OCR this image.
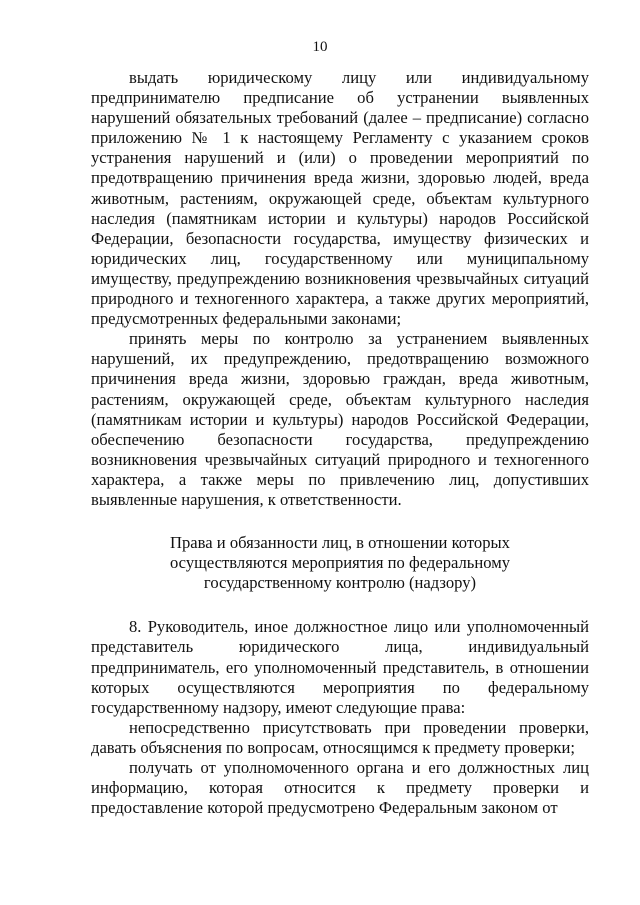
10

выдать юридическому лицу или индивидуальному предпринимателю предписание об устранении выявленных нарушений обязательных требований (далее – предписание) согласно приложению № 1 к настоящему Регламенту с указанием сроков устранения нарушений и (или) о проведении мероприятий по предотвращению причинения вреда жизни, здоровью людей, вреда животным, растениям, окружающей среде, объектам культурного наследия (памятникам истории и культуры) народов Российской Федерации, безопасности государства, имуществу физических и юридических лиц, государственному или муниципальному имуществу, предупреждению возникновения чрезвычайных ситуаций природного и техногенного характера, а также других мероприятий, предусмотренных федеральными законами;

принять меры по контролю за устранением выявленных нарушений, их предупреждению, предотвращению возможного причинения вреда жизни, здоровью граждан, вреда животным, растениям, окружающей среде, объектам культурного наследия (памятникам истории и культуры) народов Российской Федерации, обеспечению безопасности государства, предупреждению возникновения чрезвычайных ситуаций природного и техногенного характера, а также меры по привлечению лиц, допустивших выявленные нарушения, к ответственности.

Права и обязанности лиц, в отношении которых осуществляются мероприятия по федеральному государственному контролю (надзору)

8. Руководитель, иное должностное лицо или уполномоченный представитель юридического лица, индивидуальный предприниматель, его уполномоченный представитель, в отношении которых осуществляются мероприятия по федеральному государственному надзору, имеют следующие права:

непосредственно присутствовать при проведении проверки, давать объяснения по вопросам, относящимся к предмету проверки;

получать от уполномоченного органа и его должностных лиц информацию, которая относится к предмету проверки и предоставление которой предусмотрено Федеральным законом от
